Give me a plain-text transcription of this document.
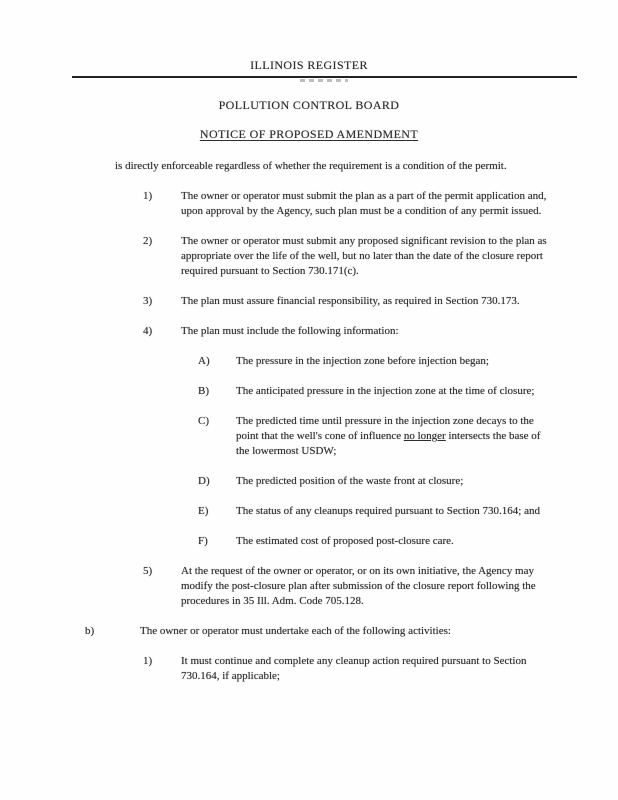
ILLINOIS REGISTER
POLLUTION CONTROL BOARD
NOTICE OF PROPOSED AMENDMENT
is directly enforceable regardless of whether the requirement is a condition of the permit.
1)	The owner or operator must submit the plan as a part of the permit application and, upon approval by the Agency, such plan must be a condition of any permit issued.
2)	The owner or operator must submit any proposed significant revision to the plan as appropriate over the life of the well, but no later than the date of the closure report required pursuant to Section 730.171(c).
3)	The plan must assure financial responsibility, as required in Section 730.173.
4)	The plan must include the following information:
A)	The pressure in the injection zone before injection began;
B)	The anticipated pressure in the injection zone at the time of closure;
C)	The predicted time until pressure in the injection zone decays to the point that the well's cone of influence no longer intersects the base of the lowermost USDW;
D)	The predicted position of the waste front at closure;
E)	The status of any cleanups required pursuant to Section 730.164; and
F)	The estimated cost of proposed post-closure care.
5)	At the request of the owner or operator, or on its own initiative, the Agency may modify the post-closure plan after submission of the closure report following the procedures in 35 Ill. Adm. Code 705.128.
b)	The owner or operator must undertake each of the following activities:
1)	It must continue and complete any cleanup action required pursuant to Section 730.164, if applicable;
